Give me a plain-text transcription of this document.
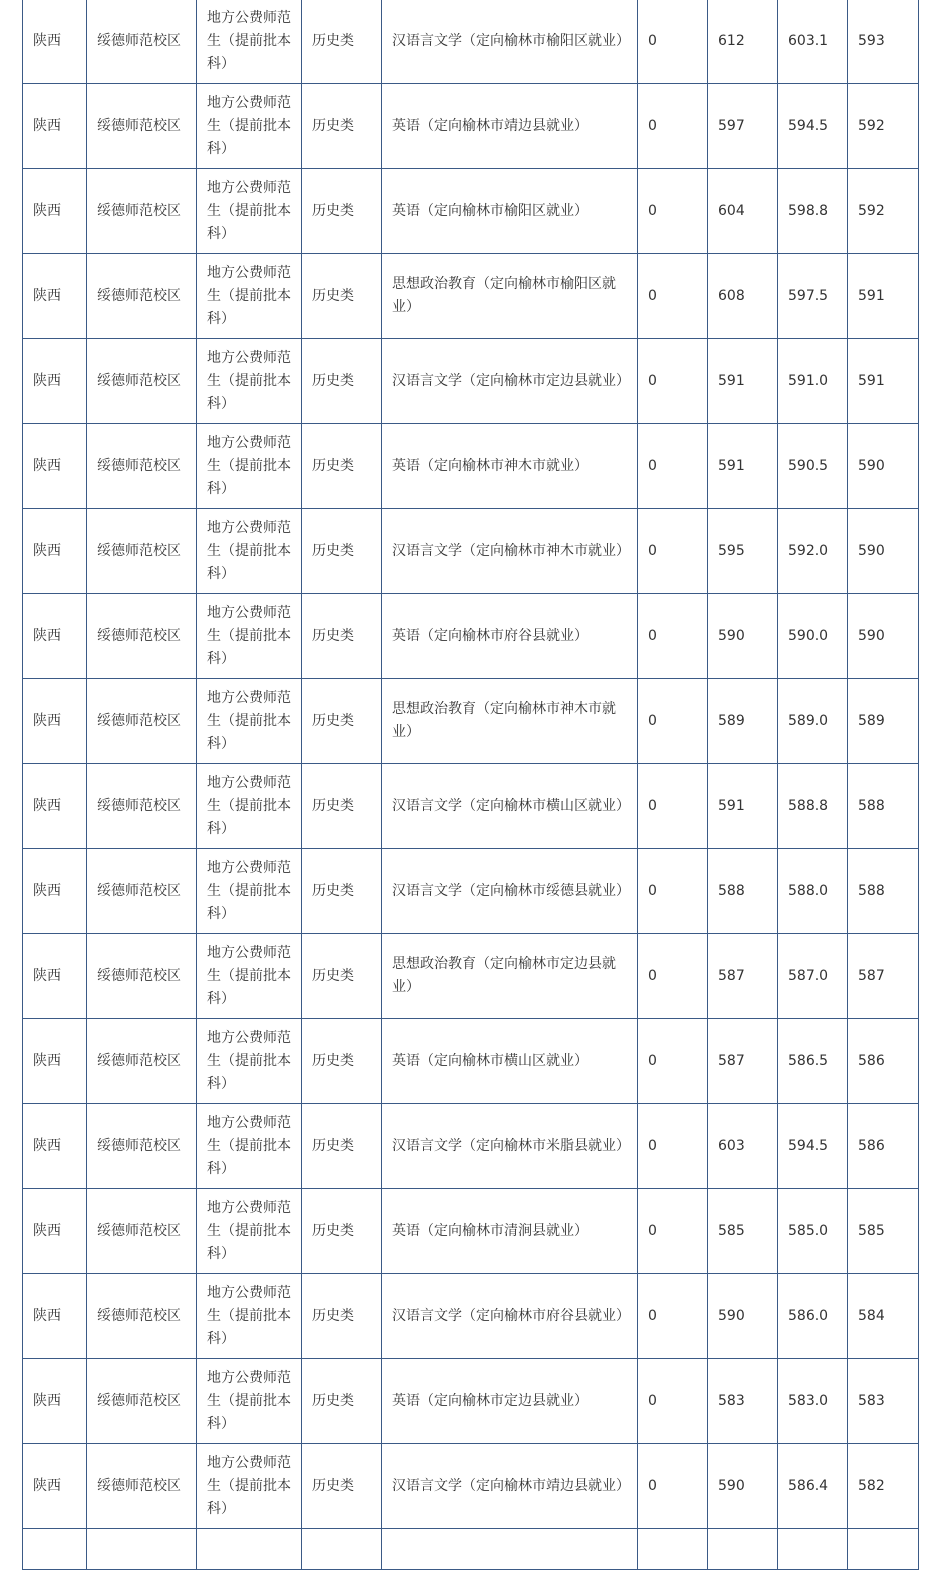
陕西	绥德师范校区	地方公费师范生（提前批本科）	历史类	汉语言文学（定向榆林市榆阳区就业）	0	612	603.1	593
陕西	绥德师范校区	地方公费师范生（提前批本科）	历史类	英语（定向榆林市靖边县就业）	0	597	594.5	592
陕西	绥德师范校区	地方公费师范生（提前批本科）	历史类	英语（定向榆林市榆阳区就业）	0	604	598.8	592
陕西	绥德师范校区	地方公费师范生（提前批本科）	历史类	思想政治教育（定向榆林市榆阳区就业）	0	608	597.5	591
陕西	绥德师范校区	地方公费师范生（提前批本科）	历史类	汉语言文学（定向榆林市定边县就业）	0	591	591.0	591
陕西	绥德师范校区	地方公费师范生（提前批本科）	历史类	英语（定向榆林市神木市就业）	0	591	590.5	590
陕西	绥德师范校区	地方公费师范生（提前批本科）	历史类	汉语言文学（定向榆林市神木市就业）	0	595	592.0	590
陕西	绥德师范校区	地方公费师范生（提前批本科）	历史类	英语（定向榆林市府谷县就业）	0	590	590.0	590
陕西	绥德师范校区	地方公费师范生（提前批本科）	历史类	思想政治教育（定向榆林市神木市就业）	0	589	589.0	589
陕西	绥德师范校区	地方公费师范生（提前批本科）	历史类	汉语言文学（定向榆林市横山区就业）	0	591	588.8	588
陕西	绥德师范校区	地方公费师范生（提前批本科）	历史类	汉语言文学（定向榆林市绥德县就业）	0	588	588.0	588
陕西	绥德师范校区	地方公费师范生（提前批本科）	历史类	思想政治教育（定向榆林市定边县就业）	0	587	587.0	587
陕西	绥德师范校区	地方公费师范生（提前批本科）	历史类	英语（定向榆林市横山区就业）	0	587	586.5	586
陕西	绥德师范校区	地方公费师范生（提前批本科）	历史类	汉语言文学（定向榆林市米脂县就业）	0	603	594.5	586
陕西	绥德师范校区	地方公费师范生（提前批本科）	历史类	英语（定向榆林市清涧县就业）	0	585	585.0	585
陕西	绥德师范校区	地方公费师范生（提前批本科）	历史类	汉语言文学（定向榆林市府谷县就业）	0	590	586.0	584
陕西	绥德师范校区	地方公费师范生（提前批本科）	历史类	英语（定向榆林市定边县就业）	0	583	583.0	583
陕西	绥德师范校区	地方公费师范生（提前批本科）	历史类	汉语言文学（定向榆林市靖边县就业）	0	590	586.4	582
